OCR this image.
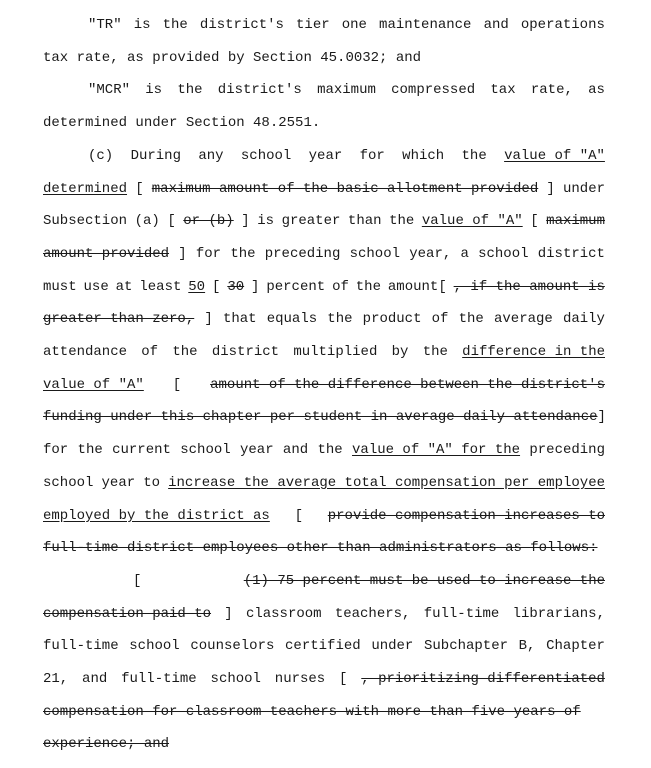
"TR" is the district's tier one maintenance and operations
tax rate, as provided by Section 45.0032; and
"MCR" is the district's maximum compressed tax rate, as
determined under Section 48.2551.
(c) During any school year for which the value of "A"
determined [ maximum amount of the basic allotment provided ] under
Subsection (a) [ or (b) ] is greater than the value of "A" [ maximum
amount provided ] for the preceding school year, a school district
must use at least 50 [ 30 ] percent of the amount[ , if the amount is
greater than zero, ] that equals the product of the average daily
attendance of the district multiplied by the difference in the
value of "A" [ amount of the difference between the district's
funding under this chapter per student in average daily attendance ]
for the current school year and the value of "A" for the preceding
school year to increase the average total compensation per employee
employed by the district as [ provide compensation increases to
full-time district employees other than administrators as follows:
[	(1) 75 percent must be used to increase the
compensation paid to ] classroom teachers, full-time librarians,
full-time school counselors certified under Subchapter B, Chapter
21, and full-time school nurses [ , prioritizing differentiated
compensation for classroom teachers with more than five years of
experience; and
